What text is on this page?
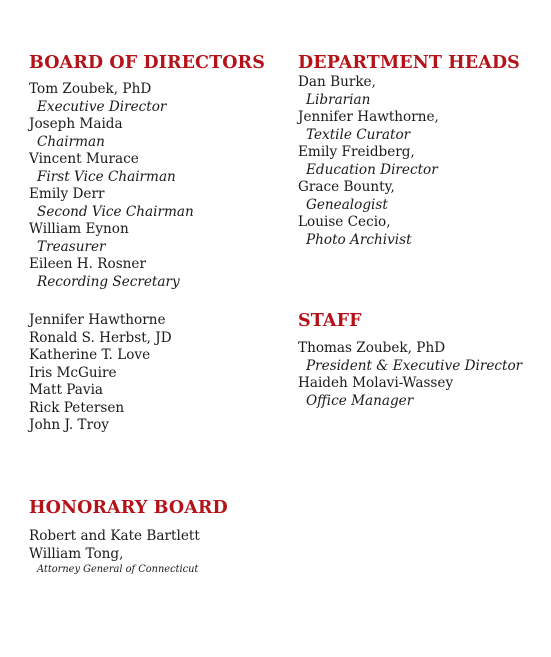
BOARD OF DIRECTORS
Tom Zoubek, PhD
Executive Director
Joseph Maida
Chairman
Vincent Murace
First Vice Chairman
Emily Derr
Second Vice Chairman
William Eynon
Treasurer
Eileen H. Rosner
Recording Secretary
Jennifer Hawthorne
Ronald S. Herbst, JD
Katherine T. Love
Iris McGuire
Matt Pavia
Rick Petersen
John J. Troy
DEPARTMENT HEADS
Dan Burke,
Librarian
Jennifer Hawthorne,
Textile Curator
Emily Freidberg,
Education Director
Grace Bounty,
Genealogist
Louise Cecio,
Photo Archivist
STAFF
Thomas Zoubek, PhD
President & Executive Director
Haideh Molavi-Wassey
Office Manager
HONORARY BOARD
Robert and Kate Bartlett
William Tong,
Attorney General of Connecticut
